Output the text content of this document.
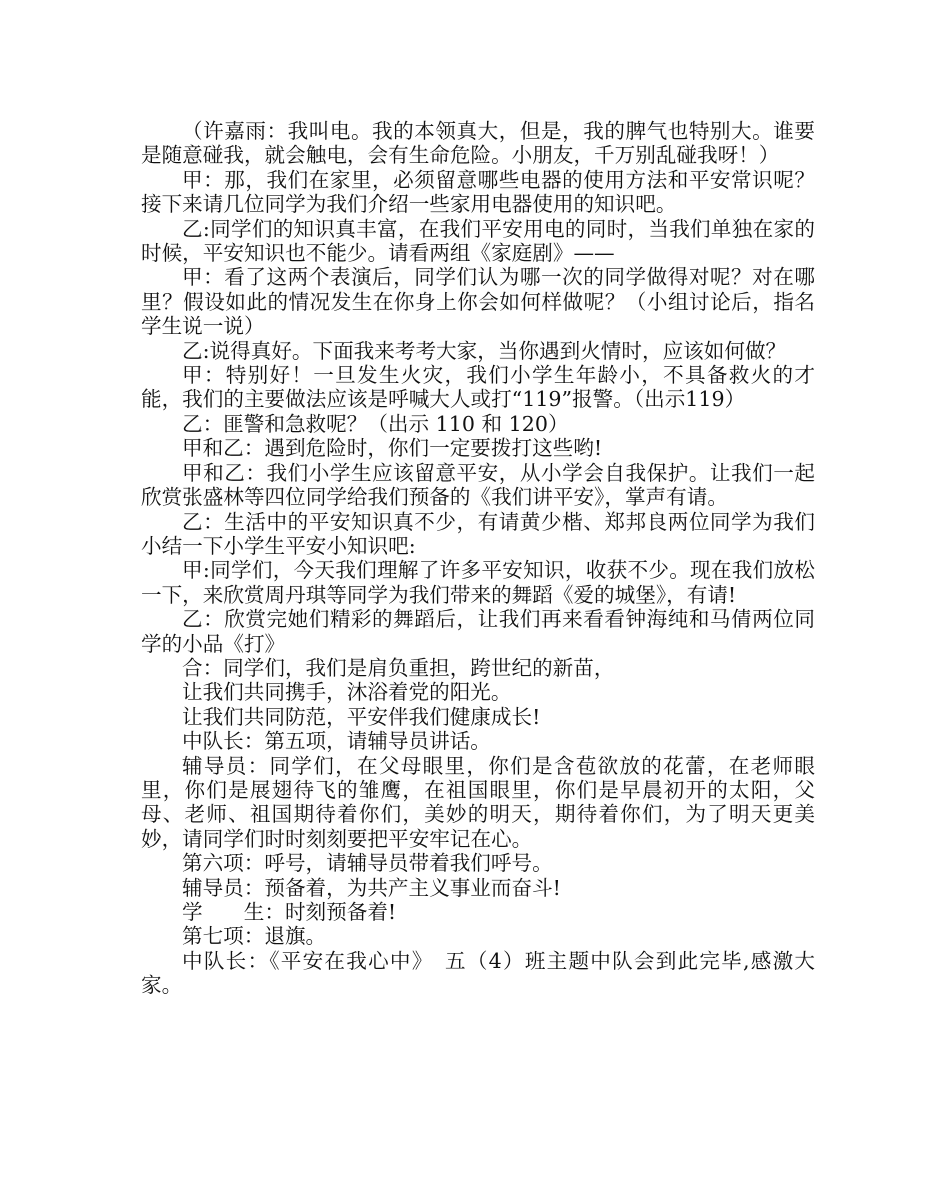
（许嘉雨：我叫电。我的本领真大，但是，我的脾气也特别大。谁要是随意碰我，就会触电，会有生命危险。小朋友，千万别乱碰我呀！）

甲：那，我们在家里，必须留意哪些电器的使用方法和平安常识呢？接下来请几位同学为我们介绍一些家用电器使用的知识吧。

乙:同学们的知识真丰富，在我们平安用电的同时，当我们单独在家的时候，平安知识也不能少。请看两组《家庭剧》——

甲：看了这两个表演后，同学们认为哪一次的同学做得对呢？对在哪里？假设如此的情况发生在你身上你会如何样做呢？（小组讨论后，指名学生说一说）

乙:说得真好。下面我来考考大家，当你遇到火情时，应该如何做？

甲：特别好！一旦发生火灾，我们小学生年龄小，不具备救火的才能，我们的主要做法应该是呼喊大人或打“119”报警。（出示119）

乙：匪警和急救呢？（出示 110 和 120）

甲和乙：遇到危险时，你们一定要拨打这些哟!

甲和乙：我们小学生应该留意平安，从小学会自我保护。让我们一起欣赏张盛林等四位同学给我们预备的《我们讲平安》，掌声有请。

乙：生活中的平安知识真不少，有请黄少楷、郑邦良两位同学为我们小结一下小学生平安小知识吧:

甲:同学们，今天我们理解了许多平安知识，收获不少。现在我们放松一下，来欣赏周丹琪等同学为我们带来的舞蹈《爱的城堡》，有请!

乙：欣赏完她们精彩的舞蹈后，让我们再来看看钟海纯和马倩两位同学的小品《打》

合：同学们，我们是肩负重担，跨世纪的新苗，

让我们共同携手，沐浴着党的阳光。

让我们共同防范，平安伴我们健康成长!

中队长：第五项，请辅导员讲话。

辅导员：同学们，在父母眼里，你们是含苞欲放的花蕾，在老师眼里，你们是展翅待飞的雏鹰，在祖国眼里，你们是早晨初开的太阳，父母、老师、祖国期待着你们，美妙的明天，期待着你们，为了明天更美妙，请同学们时时刻刻要把平安牢记在心。

第六项：呼号，请辅导员带着我们呼号。

辅导员：预备着，为共产主义事业而奋斗!

学　　生：时刻预备着!

第七项：退旗。

中队长：《平安在我心中》　五（4）班主题中队会到此完毕,感激大家。
